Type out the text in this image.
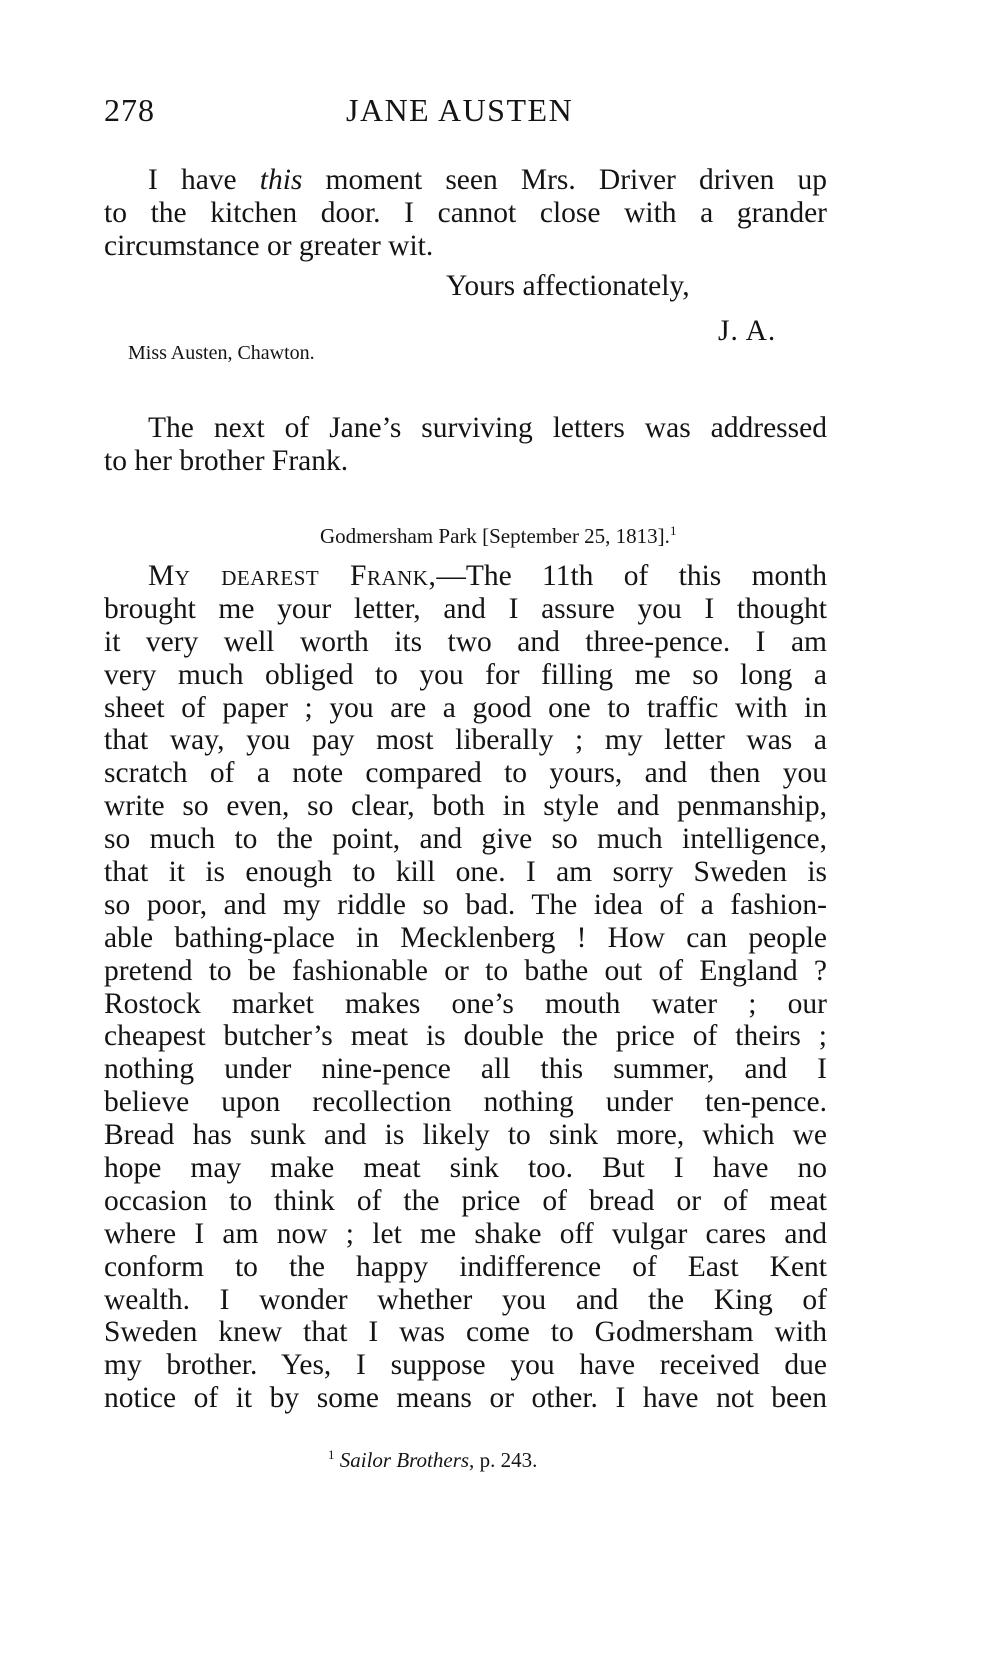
278	JANE AUSTEN
I have this moment seen Mrs. Driver driven up
to the kitchen door. I cannot close with a grander
circumstance or greater wit.
Yours affectionately,
J. A.
Miss Austen, Chawton.
The next of Jane’s surviving letters was addressed
to her brother Frank.
Godmersham Park [September 25, 1813].$^1$
My dearest Frank,—The 11th of this month
brought me your letter, and I assure you I thought
it very well worth its two and three-pence. I am
very much obliged to you for filling me so long a
sheet of paper ; you are a good one to traffic with in
that way, you pay most liberally ; my letter was a
scratch of a note compared to yours, and then you
write so even, so clear, both in style and penmanship,
so much to the point, and give so much intelligence,
that it is enough to kill one. I am sorry Sweden is
so poor, and my riddle so bad. The idea of a fashion-
able bathing-place in Mecklenberg ! How can people
pretend to be fashionable or to bathe out of England ?
Rostock market makes one’s mouth water ; our
cheapest butcher’s meat is double the price of theirs ;
nothing under nine-pence all this summer, and I
believe upon recollection nothing under ten-pence.
Bread has sunk and is likely to sink more, which we
hope may make meat sink too. But I have no
occasion to think of the price of bread or of meat
where I am now ; let me shake off vulgar cares and
conform to the happy indifference of East Kent
wealth. I wonder whether you and the King of
Sweden knew that I was come to Godmersham with
my brother. Yes, I suppose you have received due
notice of it by some means or other. I have not been
$^1$ Sailor Brothers, p. 243.
